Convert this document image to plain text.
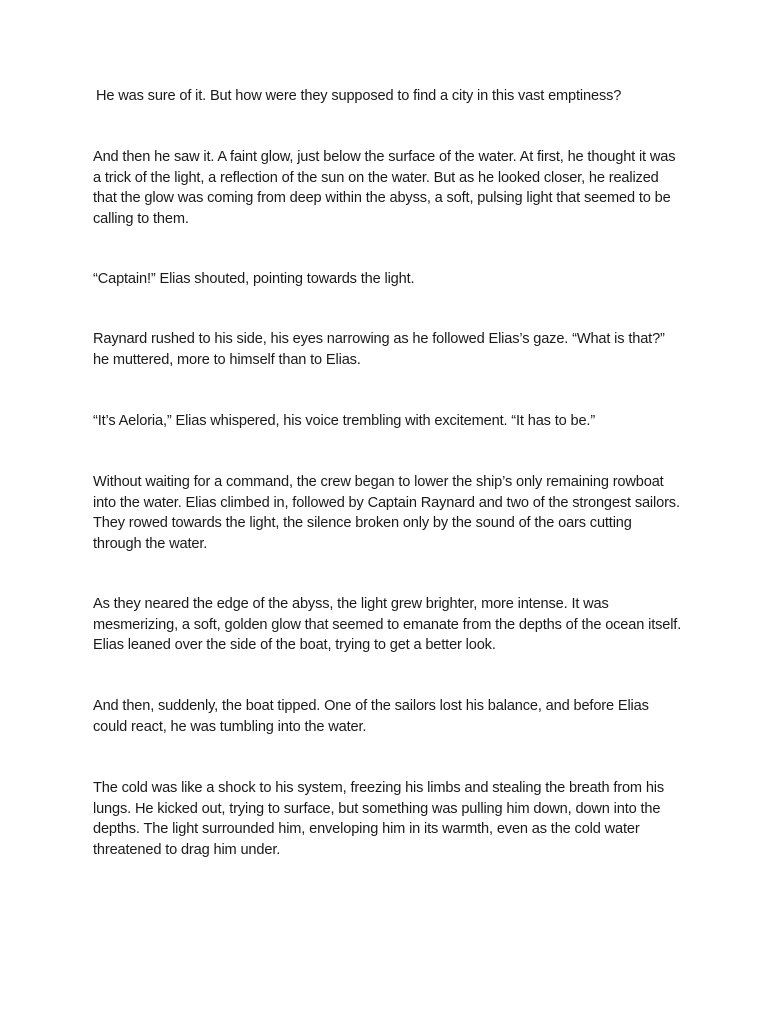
He was sure of it. But how were they supposed to find a city in this vast emptiness?

And then he saw it. A faint glow, just below the surface of the water. At first, he thought it was a trick of the light, a reflection of the sun on the water. But as he looked closer, he realized that the glow was coming from deep within the abyss, a soft, pulsing light that seemed to be calling to them.

“Captain!” Elias shouted, pointing towards the light.

Raynard rushed to his side, his eyes narrowing as he followed Elias’s gaze. “What is that?” he muttered, more to himself than to Elias.

“It’s Aeloria,” Elias whispered, his voice trembling with excitement. “It has to be.”

Without waiting for a command, the crew began to lower the ship’s only remaining rowboat into the water. Elias climbed in, followed by Captain Raynard and two of the strongest sailors. They rowed towards the light, the silence broken only by the sound of the oars cutting through the water.

As they neared the edge of the abyss, the light grew brighter, more intense. It was mesmerizing, a soft, golden glow that seemed to emanate from the depths of the ocean itself. Elias leaned over the side of the boat, trying to get a better look.

And then, suddenly, the boat tipped. One of the sailors lost his balance, and before Elias could react, he was tumbling into the water.

The cold was like a shock to his system, freezing his limbs and stealing the breath from his lungs. He kicked out, trying to surface, but something was pulling him down, down into the depths. The light surrounded him, enveloping him in its warmth, even as the cold water threatened to drag him under.
